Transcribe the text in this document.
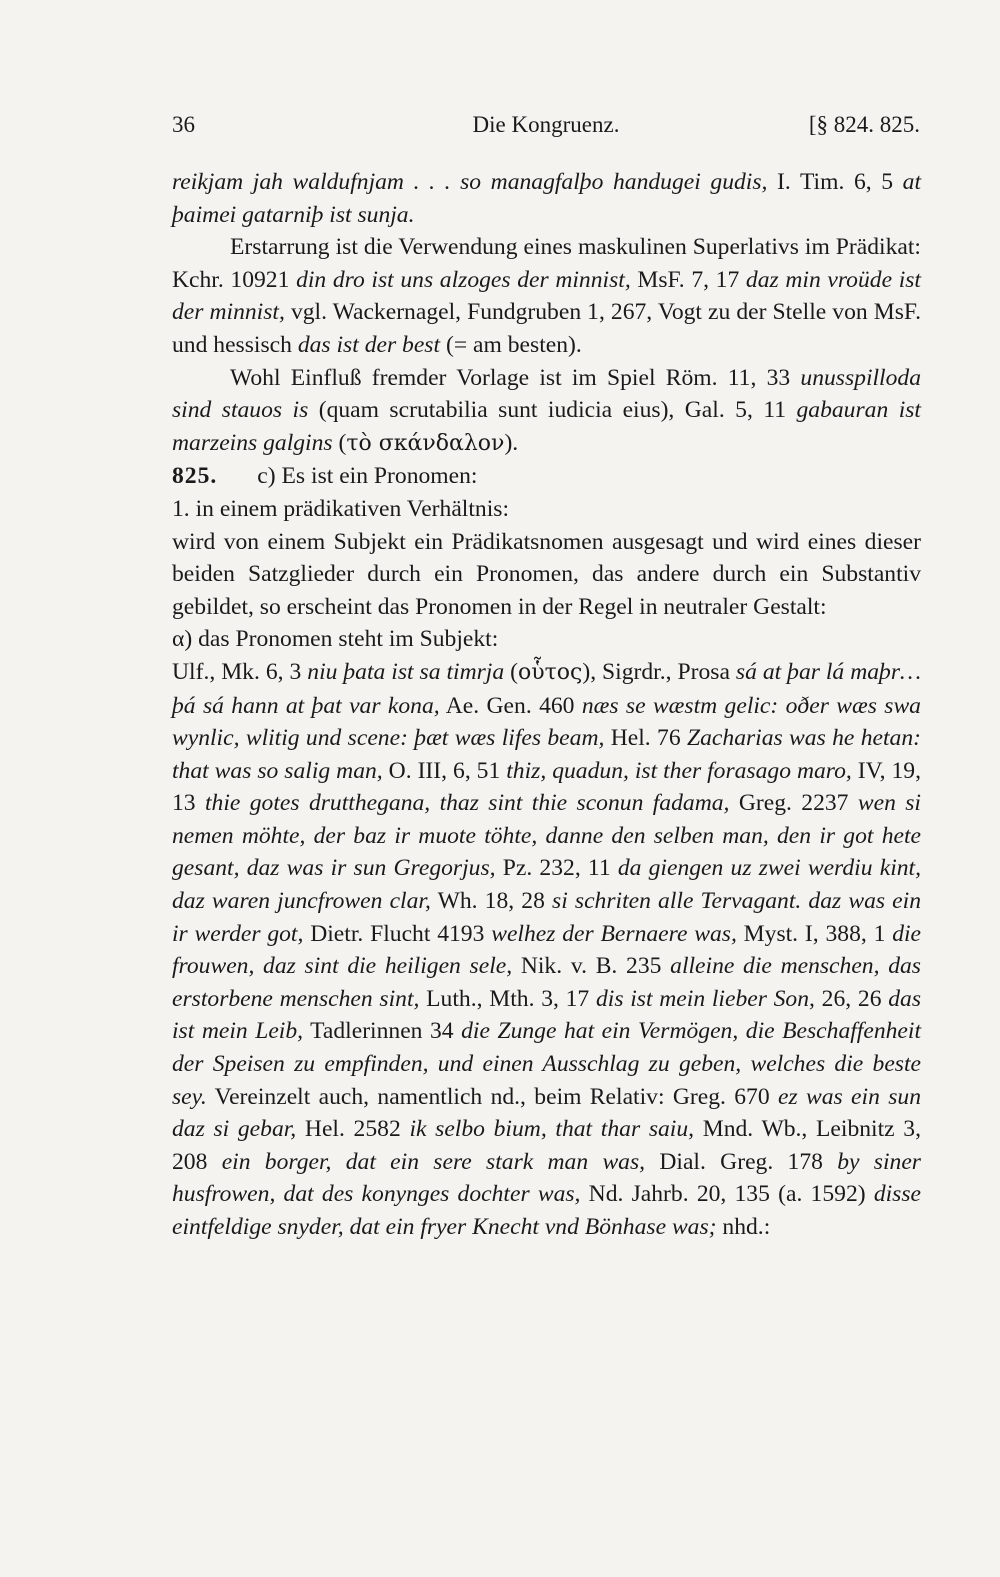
36	Die Kongruenz.	[§ 824. 825.

reikjam jah waldufnjam . . . so managfalþo handugei gudis, I. Tim. 6, 5 at þaimei gatarniþ ist sunja.

Erstarrung ist die Verwendung eines maskulinen Superlativs im Prädikat: Kchr. 10921 din dro ist uns alzoges der minnist, MsF. 7, 17 daz min vroüde ist der minnist, vgl. Wackernagel, Fundgruben 1, 267, Vogt zu der Stelle von MsF. und hessisch das ist der best (= am besten).

Wohl Einfluß fremder Vorlage ist im Spiel Röm. 11, 33 unusspilloda sind stauos is (quam scrutabilia sunt iudicia eius), Gal. 5, 11 gabauran ist marzeins galgins (τὸ σκάνδαλον).

825. c) Es ist ein Pronomen:

1. in einem prädikativen Verhältnis:

wird von einem Subjekt ein Prädikatsnomen ausgesagt und wird eines dieser beiden Satzglieder durch ein Pronomen, das andere durch ein Substantiv gebildet, so erscheint das Pronomen in der Regel in neutraler Gestalt:

α) das Pronomen steht im Subjekt:

Ulf., Mk. 6, 3 niu þata ist sa timrja (οὗτος), Sigrdr., Prosa sá at þar lá maþr…þá sá hann at þat var kona, Ae. Gen. 460 næs se wæstm gelic: oðer wæs swa wynlic, wlitig und scene: þæt wæs lifes beam, Hel. 76 Zacharias was he hetan: that was so salig man, O. III, 6, 51 thiz, quadun, ist ther forasago maro, IV, 19, 13 thie gotes drutthegana, thaz sint thie sconun fadama, Greg. 2237 wen si nemen möhte, der baz ir muote töhte, danne den selben man, den ir got hete gesant, daz was ir sun Gregorjus, Pz. 232, 11 da giengen uz zwei werdiu kint, daz waren juncfrowen clar, Wh. 18, 28 si schriten alle Tervagant. daz was ein ir werder got, Dietr. Flucht 4193 welhez der Bernaere was, Myst. I, 388, 1 die frouwen, daz sint die heiligen sele, Nik. v. B. 235 alleine die menschen, das erstorbene menschen sint, Luth., Mth. 3, 17 dis ist mein lieber Son, 26, 26 das ist mein Leib, Tadlerinnen 34 die Zunge hat ein Vermögen, die Beschaffenheit der Speisen zu empfinden, und einen Ausschlag zu geben, welches die beste sey. Vereinzelt auch, namentlich nd., beim Relativ: Greg. 670 ez was ein sun daz si gebar, Hel. 2582 ik selbo bium, that thar saiu, Mnd. Wb., Leibnitz 3, 208 ein borger, dat ein sere stark man was, Dial. Greg. 178 by siner husfrowen, dat des konynges dochter was, Nd. Jahrb. 20, 135 (a. 1592) disse eintfeldige snyder, dat ein fryer Knecht vnd Bönhase was; nhd.:
